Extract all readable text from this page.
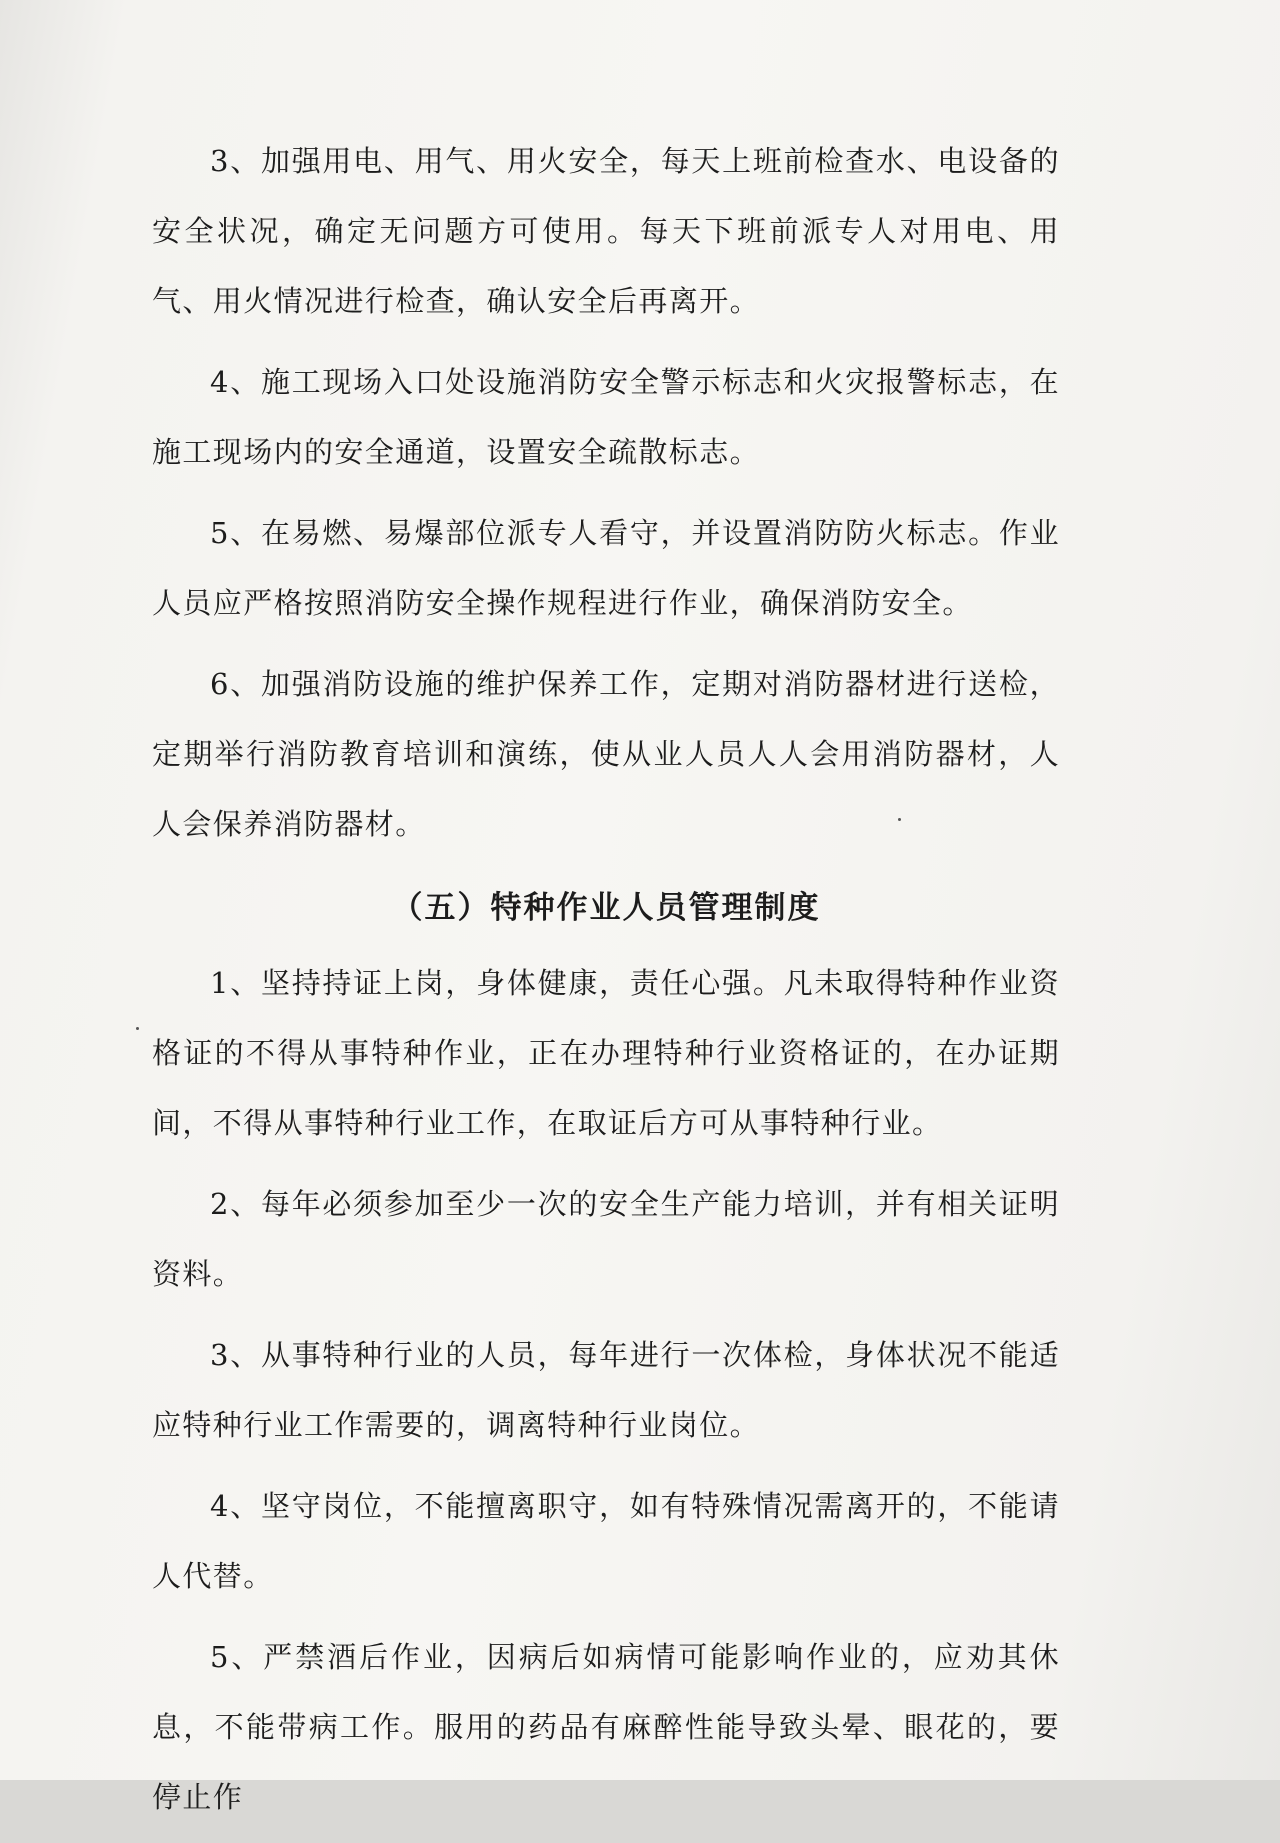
3、加强用电、用气、用火安全，每天上班前检查水、电设备的安全状况，确定无问题方可使用。每天下班前派专人对用电、用气、用火情况进行检查，确认安全后再离开。

4、施工现场入口处设施消防安全警示标志和火灾报警标志，在施工现场内的安全通道，设置安全疏散标志。

5、在易燃、易爆部位派专人看守，并设置消防防火标志。作业人员应严格按照消防安全操作规程进行作业，确保消防安全。

6、加强消防设施的维护保养工作，定期对消防器材进行送检，定期举行消防教育培训和演练，使从业人员人人会用消防器材，人人会保养消防器材。

（五）特种作业人员管理制度

1、坚持持证上岗，身体健康，责任心强。凡未取得特种作业资格证的不得从事特种作业，正在办理特种行业资格证的，在办证期间，不得从事特种行业工作，在取证后方可从事特种行业。

2、每年必须参加至少一次的安全生产能力培训，并有相关证明资料。

3、从事特种行业的人员，每年进行一次体检，身体状况不能适应特种行业工作需要的，调离特种行业岗位。

4、坚守岗位，不能擅离职守，如有特殊情况需离开的，不能请人代替。

5、严禁酒后作业，因病后如病情可能影响作业的，应劝其休息，不能带病工作。服用的药品有麻醉性能导致头晕、眼花的，要停止作
